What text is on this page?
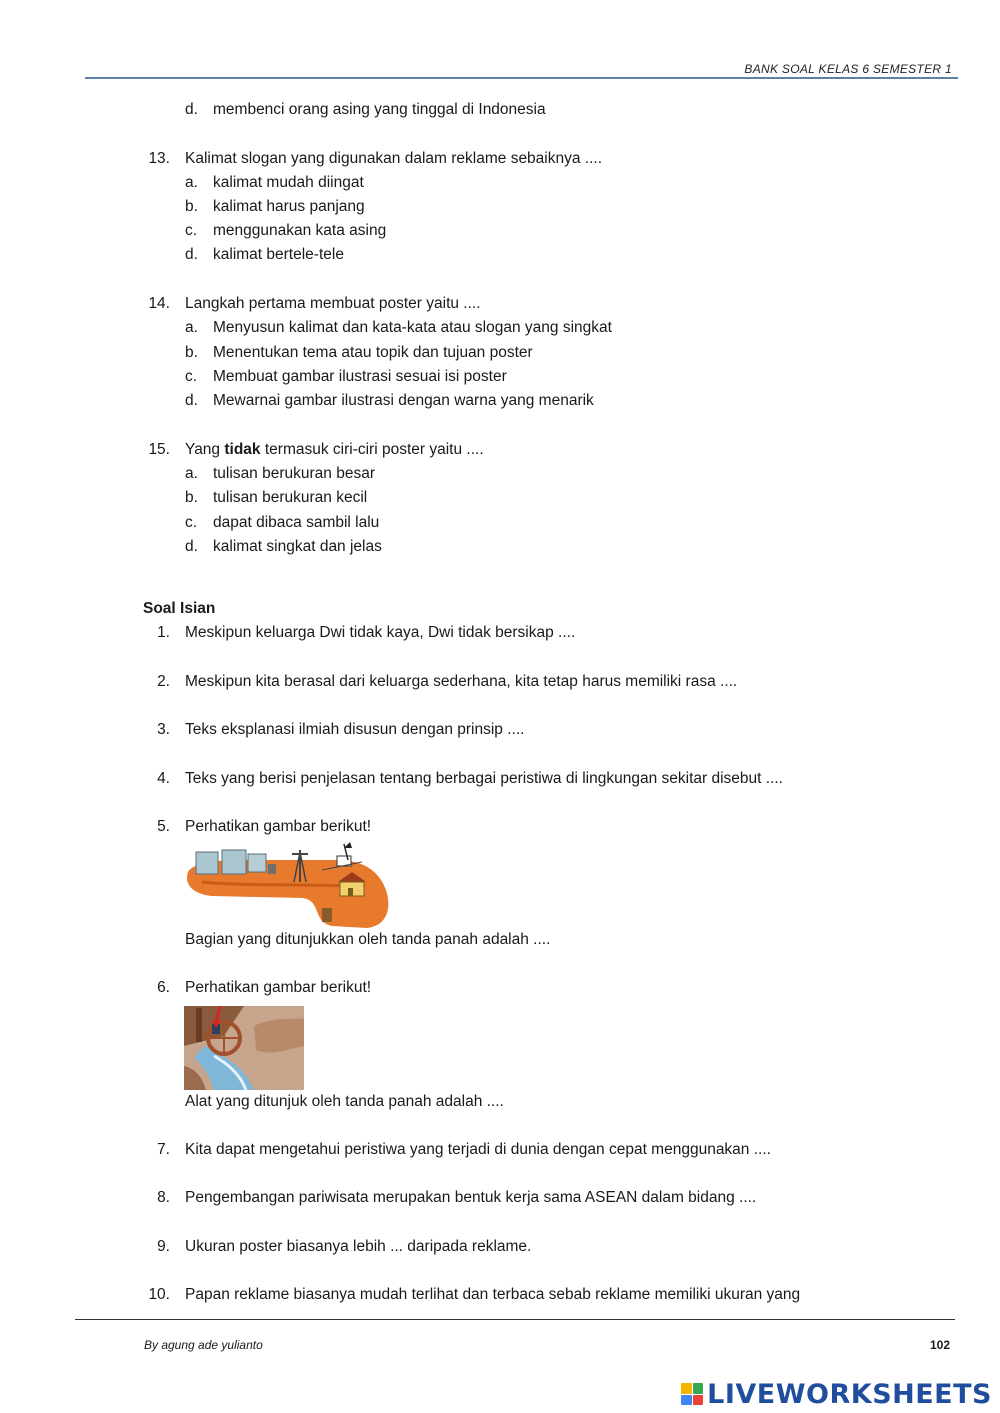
BANK SOAL KELAS 6 SEMESTER 1
d. membenci orang asing yang tinggal di Indonesia
13. Kalimat slogan yang digunakan dalam reklame sebaiknya ....
a. kalimat mudah diingat
b. kalimat harus panjang
c. menggunakan kata asing
d. kalimat bertele-tele
14. Langkah pertama membuat poster yaitu ....
a. Menyusun kalimat dan kata-kata atau slogan yang singkat
b. Menentukan tema atau topik dan tujuan poster
c. Membuat gambar ilustrasi sesuai isi poster
d. Mewarnai gambar ilustrasi dengan warna yang menarik
15. Yang tidak termasuk ciri-ciri poster yaitu ....
a. tulisan berukuran besar
b. tulisan berukuran kecil
c. dapat dibaca sambil lalu
d. kalimat singkat dan jelas
Soal Isian
1. Meskipun keluarga Dwi tidak kaya, Dwi tidak bersikap ....
2. Meskipun kita berasal dari keluarga sederhana, kita tetap harus memiliki rasa ....
3. Teks eksplanasi ilmiah disusun dengan prinsip ....
4. Teks yang berisi penjelasan tentang berbagai peristiwa di lingkungan sekitar disebut ....
5. Perhatikan gambar berikut!
Bagian yang ditunjukkan oleh tanda panah adalah ....
6. Perhatikan gambar berikut!
Alat yang ditunjuk oleh tanda panah adalah ....
7. Kita dapat mengetahui peristiwa yang terjadi di dunia dengan cepat menggunakan ....
8. Pengembangan pariwisata merupakan bentuk kerja sama ASEAN dalam bidang ....
9. Ukuran poster biasanya lebih ... daripada reklame.
10. Papan reklame biasanya mudah terlihat dan terbaca sebab reklame memiliki ukuran yang
By agung ade yulianto	102
LIVEWORKSHEETS
